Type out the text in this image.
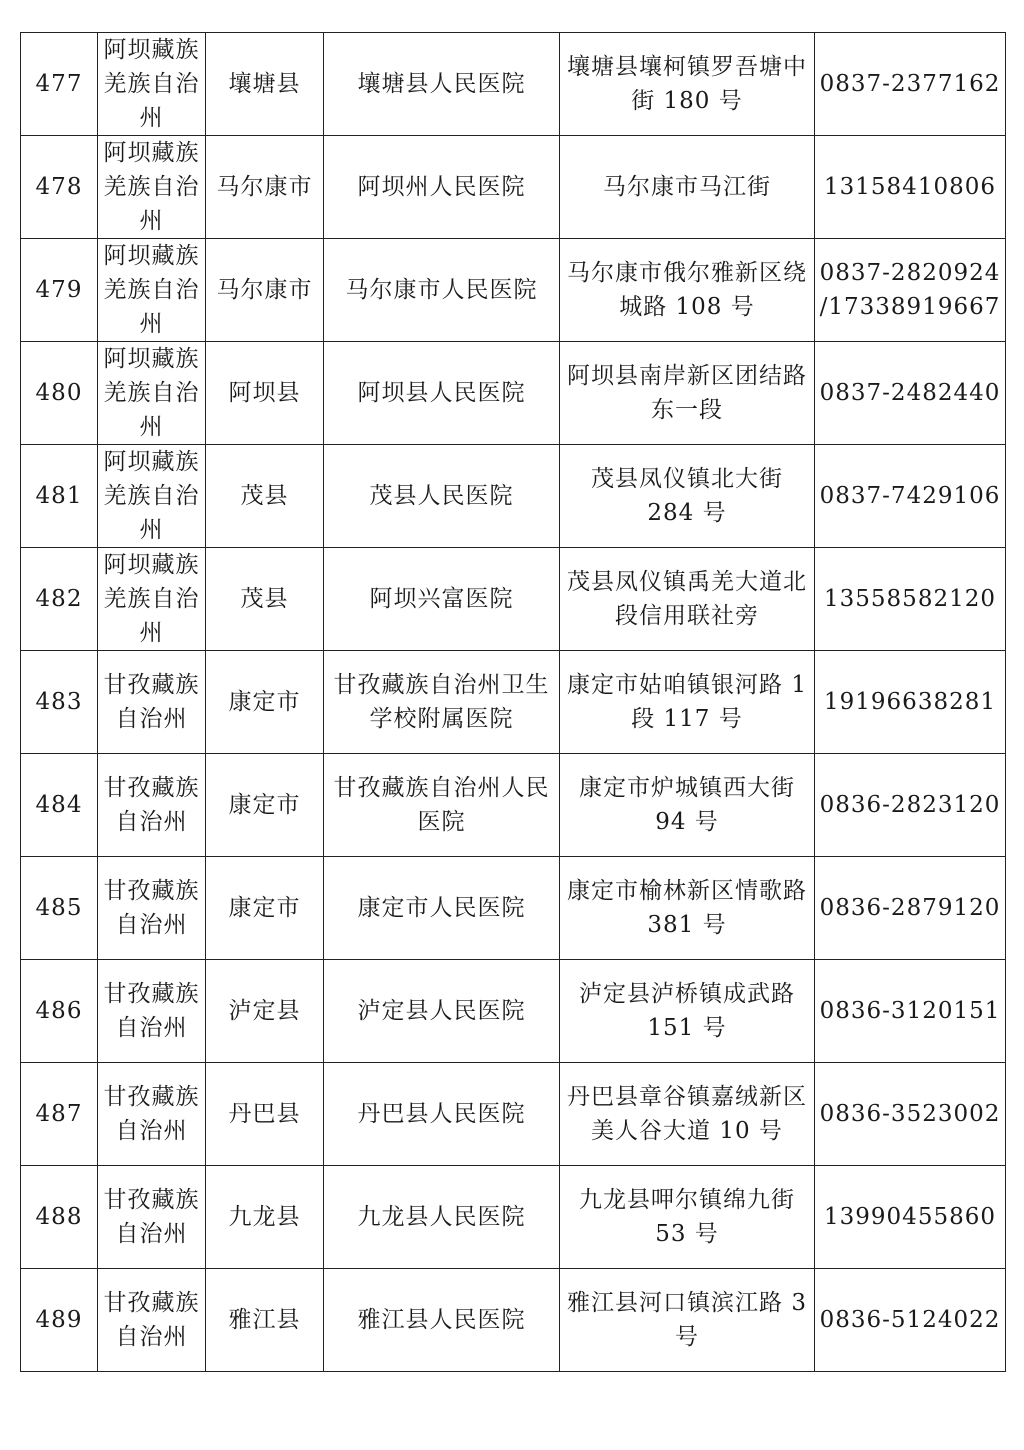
477	阿坝藏族羌族自治州	壤塘县	壤塘县人民医院	壤塘县壤柯镇罗吾塘中街 180 号	0837-2377162
478	阿坝藏族羌族自治州	马尔康市	阿坝州人民医院	马尔康市马江街	13158410806
479	阿坝藏族羌族自治州	马尔康市	马尔康市人民医院	马尔康市俄尔雅新区绕城路 108 号	0837-2820924 /17338919667
480	阿坝藏族羌族自治州	阿坝县	阿坝县人民医院	阿坝县南岸新区团结路东一段	0837-2482440
481	阿坝藏族羌族自治州	茂县	茂县人民医院	茂县凤仪镇北大街 284 号	0837-7429106
482	阿坝藏族羌族自治州	茂县	阿坝兴富医院	茂县凤仪镇禹羌大道北段信用联社旁	13558582120
483	甘孜藏族自治州	康定市	甘孜藏族自治州卫生学校附属医院	康定市姑咱镇银河路 1 段 117 号	19196638281
484	甘孜藏族自治州	康定市	甘孜藏族自治州人民医院	康定市炉城镇西大街 94 号	0836-2823120
485	甘孜藏族自治州	康定市	康定市人民医院	康定市榆林新区情歌路 381 号	0836-2879120
486	甘孜藏族自治州	泸定县	泸定县人民医院	泸定县泸桥镇成武路 151 号	0836-3120151
487	甘孜藏族自治州	丹巴县	丹巴县人民医院	丹巴县章谷镇嘉绒新区美人谷大道 10 号	0836-3523002
488	甘孜藏族自治州	九龙县	九龙县人民医院	九龙县呷尔镇绵九街 53 号	13990455860
489	甘孜藏族自治州	雅江县	雅江县人民医院	雅江县河口镇滨江路 3 号	0836-5124022
